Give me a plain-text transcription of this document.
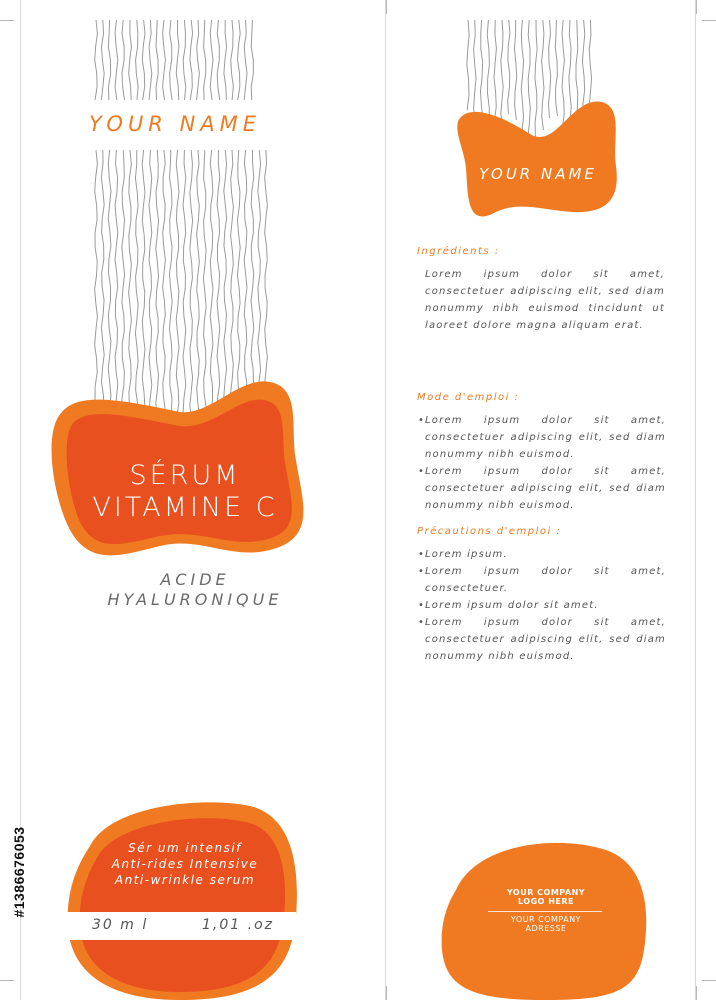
YOUR NAME
SÉRUM
VITAMINE C
ACIDE
HYALURONIQUE
Sér um intensif
Anti-rides Intensive
Anti-wrinkle serum
30 m l	1,01 .oz
YOUR NAME
Ingrédients :
Lorem ipsum dolor sit amet, consectetuer adipiscing elit, sed diam nonummy nibh euismod tincidunt ut laoreet dolore magna aliquam erat.
Mode d'emploi :
• Lorem ipsum dolor sit amet, consectetuer adipiscing elit, sed diam nonummy nibh euismod.
• Lorem ipsum dolor sit amet, consectetuer adipiscing elit, sed diam nonummy nibh euismod.
Précautions d'emploi :
• Lorem ipsum.
• Lorem ipsum dolor sit amet, consectetuer.
• Lorem ipsum dolor sit amet.
• Lorem ipsum dolor sit amet, consectetuer adipiscing elit, sed diam nonummy nibh euismod.
YOUR COMPANY
LOGO HERE
YOUR COMPANY
ADRESSE
#1386676053
